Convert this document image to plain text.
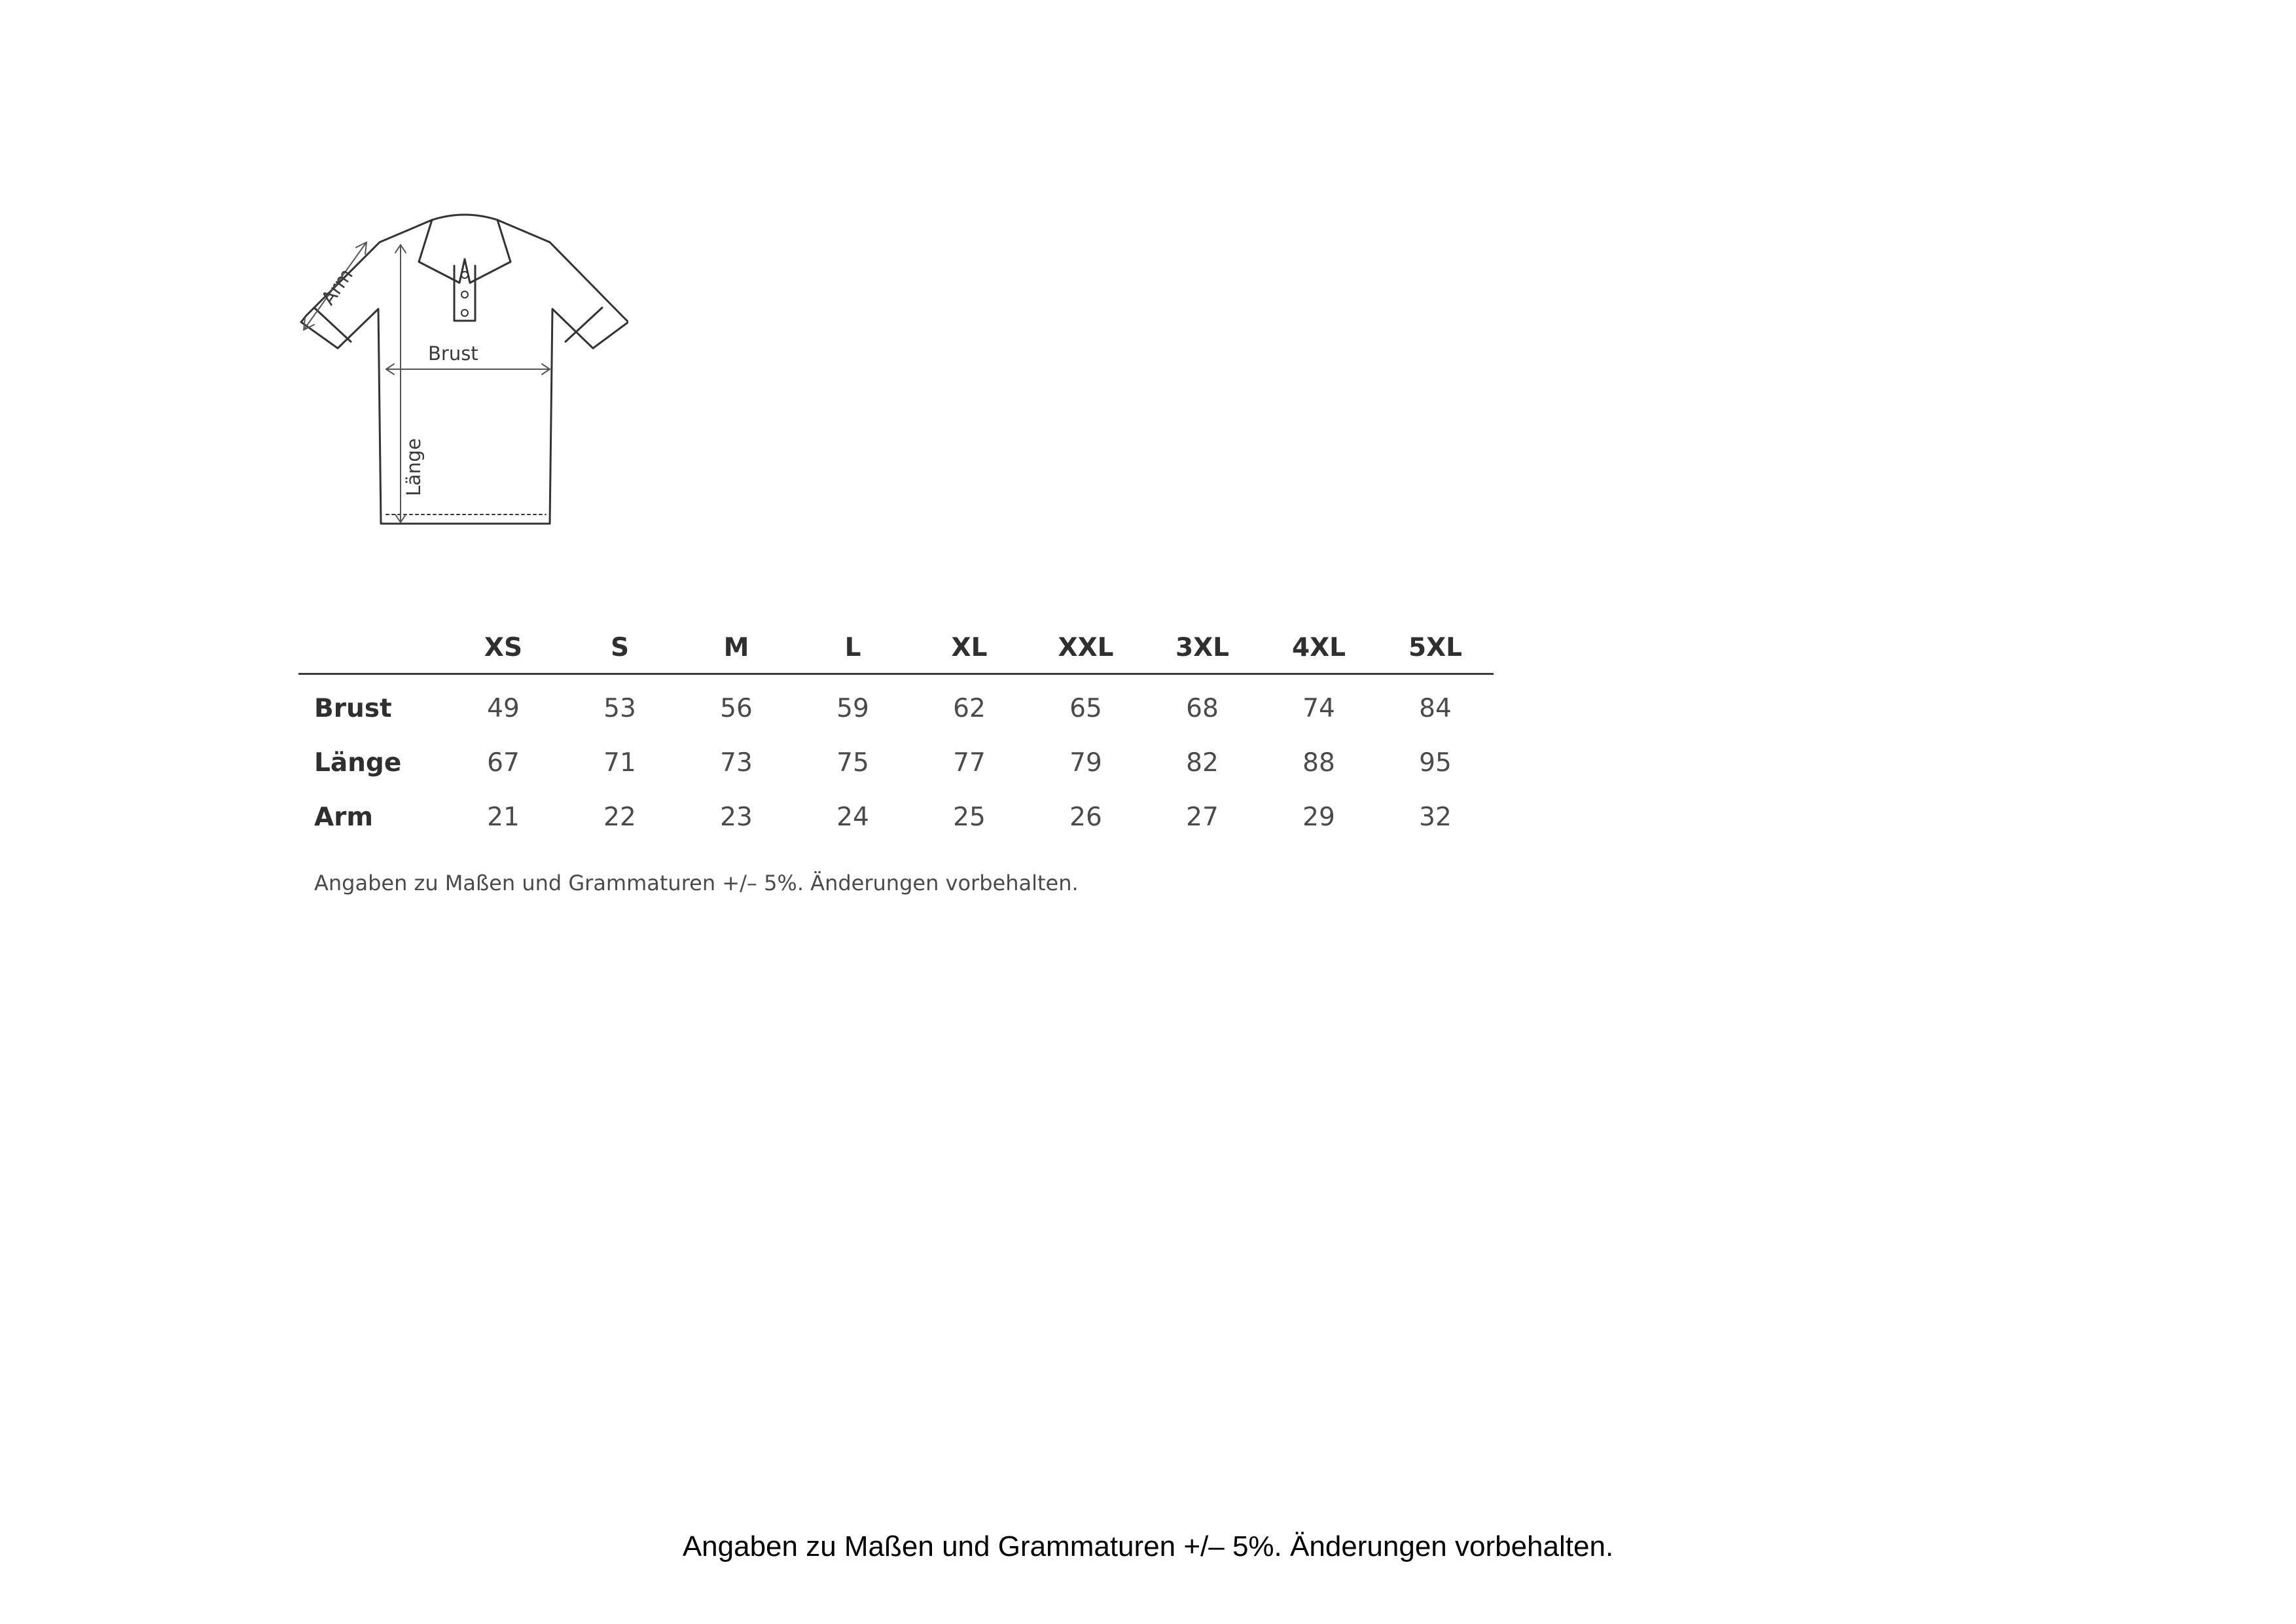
Arm
Brust
Länge
	XS	S	M	L	XL	XXL	3XL	4XL	5XL
Brust	49	53	56	59	62	65	68	74	84
Länge	67	71	73	75	77	79	82	88	95
Arm	21	22	23	24	25	26	27	29	32
Angaben zu Maßen und Grammaturen +/– 5%. Änderungen vorbehalten.
Angaben zu Maßen und Grammaturen +/– 5%. Änderungen vorbehalten.
